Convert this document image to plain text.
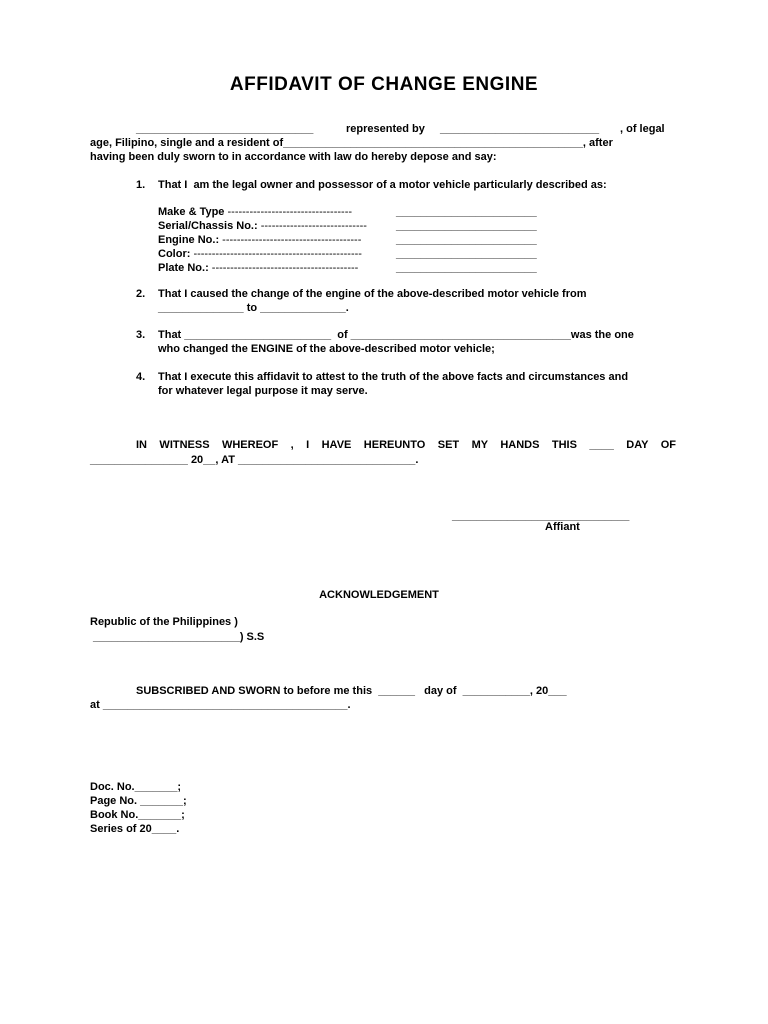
AFFIDAVIT OF CHANGE ENGINE
_____________________________	represented by __________________________ , of legal
age, Filipino, single and a resident of_________________________________________________, after
having been duly sworn to in accordance with law do hereby depose and say:
1. That I  am the legal owner and possessor of a motor vehicle particularly described as:
Make & Type ----------------------------------	_______________________
Serial/Chassis No.: -----------------------------	_______________________
Engine No.: --------------------------------------	_______________________
Color: ----------------------------------------------	_______________________
Plate No.: ----------------------------------------	_______________________
2. That I caused the change of the engine of the above-described motor vehicle from
______________ to ______________.
3. That ________________________  of ____________________________________was the one
who changed the ENGINE of the above-described motor vehicle;
4. That I execute this affidavit to attest to the truth of the above facts and circumstances and
for whatever legal purpose it may serve.
IN WITNESS WHEREOF , I HAVE HEREUNTO SET MY HANDS THIS ____ DAY OF
________________ 20__, AT _____________________________.
_____________________________
Affiant
ACKNOWLEDGEMENT
Republic of the Philippines )
________________________) S.S
SUBSCRIBED AND SWORN to before me this  ______   day of  ___________, 20___
at ________________________________________.
Doc. No._______;
Page No. _______;
Book No._______;
Series of 20____.
